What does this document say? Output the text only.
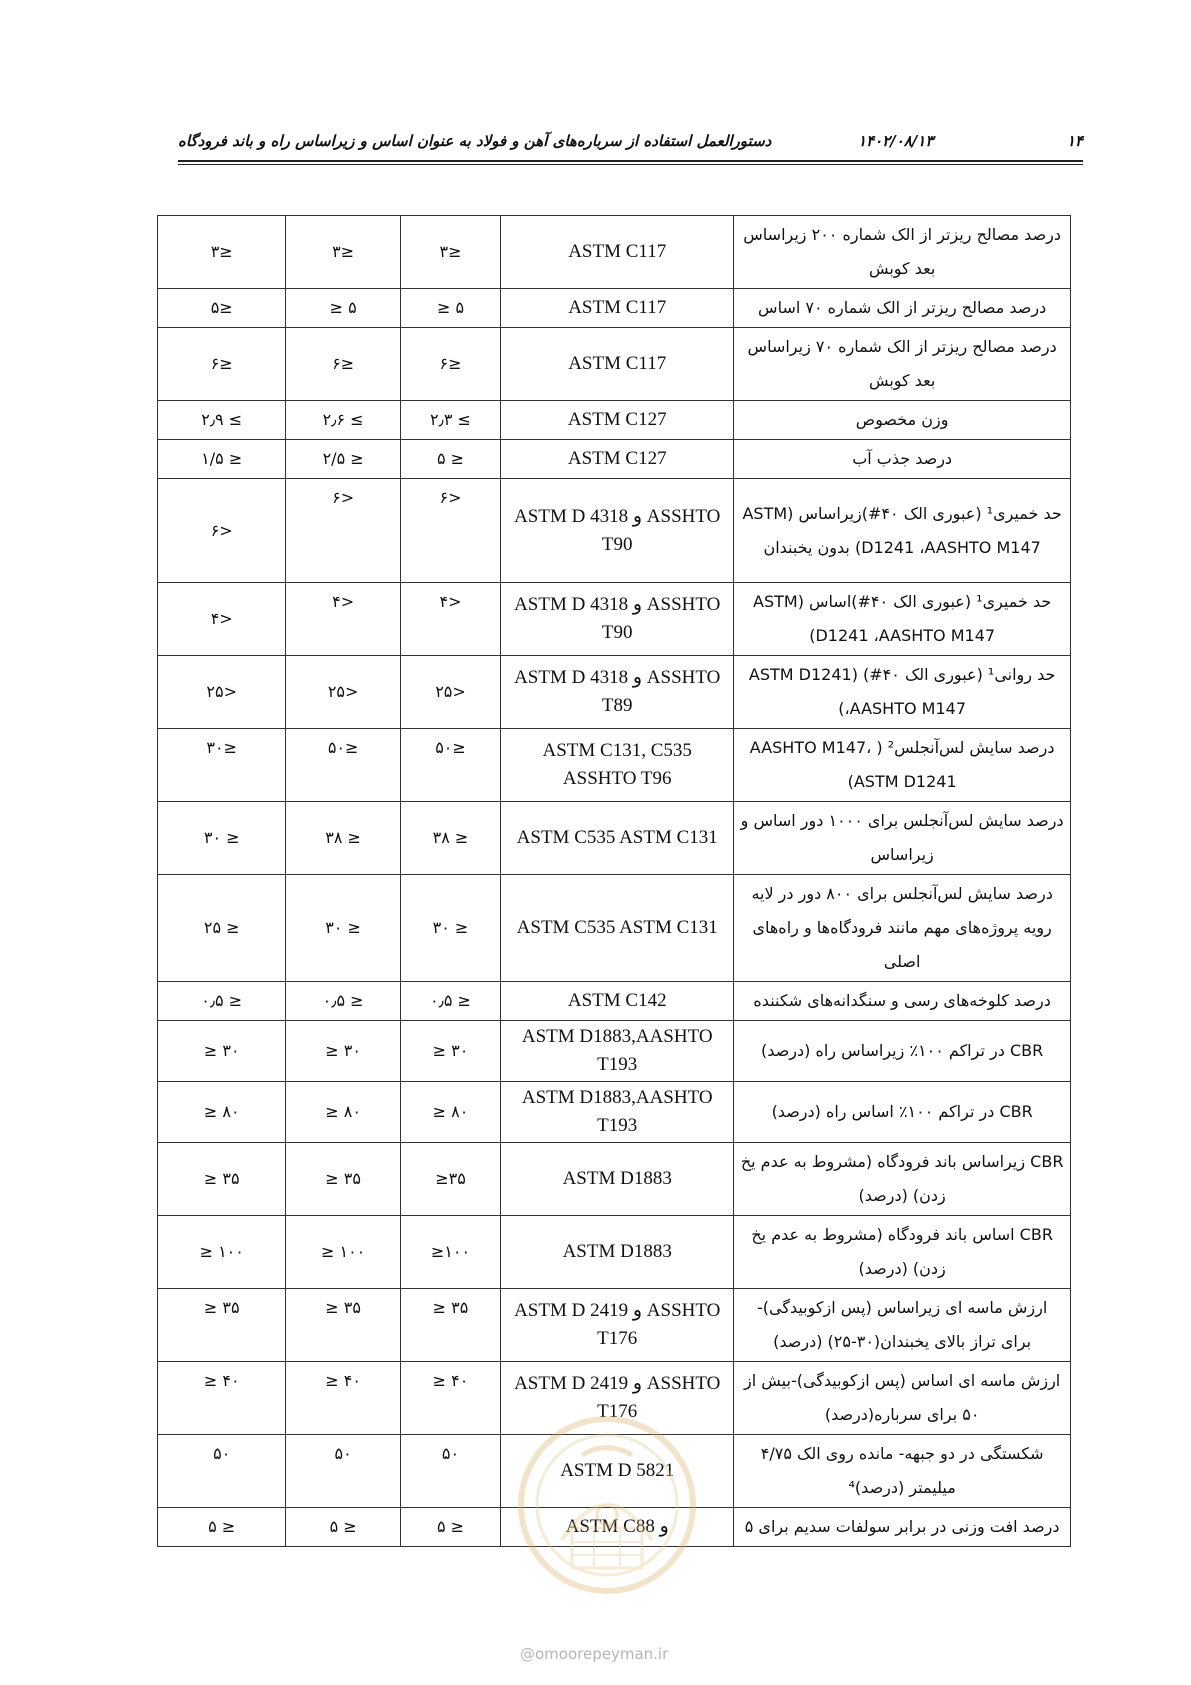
۱۴
۱۴۰۲/۰۸/۱۳
دستورالعمل استفاده از سرباره‌های آهن و فولاد به عنوان اساس و زیراساس راه و باند فرودگاه
≤۳	≤۳	≤۳	ASTM C117	درصد مصالح ریزتر از الک شماره ۲۰۰ زیراساس بعد کوبش
≤۵	۵ ≤	۵ ≤	ASTM C117	درصد مصالح ریزتر از الک شماره ۷۰ اساس
≤۶	≤۶	≤۶	ASTM C117	درصد مصالح ریزتر از الک شماره ۷۰ زیراساس بعد کوبش
≥ ۲٫۹	≥ ۲٫۶	≥ ۲٫۳	ASTM C127	وزن مخصوص
≤ ۱/۵	≤ ۲/۵	≤ ۵	ASTM C127	درصد جذب آب
<۶	<۶	<۶	ASTM D 4318 و ASSHTO T90	حد خمیری¹ (عبوری الک ۴۰#)زیراساس (ASTM D1241 ،AASHTO M147) بدون یخبندان
<۴	<۴	<۴	ASTM D 4318 و ASSHTO T90	حد خمیری¹ (عبوری الک ۴۰#)اساس (ASTM D1241 ،AASHTO M147)
<۲۵	<۲۵	<۲۵	ASTM D 4318 و ASSHTO T89	حد روانی¹ (عبوری الک ۴۰#) (ASTM D1241 ،AASHTO M147)
≤۳۰	≤۵۰	≤۵۰	ASTM C131, C535 ASSHTO T96	درصد سایش لس‌آنجلس² ( AASHTO M147، ASTM D1241)
≤ ۳۰	≤ ۳۸	≤ ۳۸	ASTM C535 ASTM C131	درصد سایش لس‌آنجلس برای ۱۰۰۰ دور اساس و زیراساس
≤ ۲۵	≤ ۳۰	≤ ۳۰	ASTM C535 ASTM C131	درصد سایش لس‌آنجلس برای ۸۰۰ دور در لایه رویه پروژه‌های مهم مانند فرودگاه‌ها و راه‌های اصلی
≤ ۰٫۵	≤ ۰٫۵	≤ ۰٫۵	ASTM C142	درصد کلوخه‌های رسی و سنگدانه‌های شکننده
۳۰ ≤	۳۰ ≤	۳۰ ≤	ASTM D1883,AASHTO T193	CBR در تراکم ۱۰۰٪ زیراساس راه (درصد)
۸۰ ≤	۸۰ ≤	۸۰ ≤	ASTM D1883,AASHTO T193	CBR در تراکم ۱۰۰٪ اساس راه (درصد)
۳۵ ≤	۳۵ ≤	۳۵≤	ASTM D1883	CBR زیراساس باند فرودگاه (مشروط به عدم یخ زدن) (درصد)
۱۰۰ ≤	۱۰۰ ≤	۱۰۰≤	ASTM D1883	CBR اساس باند فرودگاه (مشروط به عدم یخ زدن) (درصد)
۳۵ ≤	۳۵ ≤	۳۵ ≤	ASTM D 2419 و ASSHTO T176	ارزش ماسه ای زیراساس (پس ازکوبیدگی)- برای تراز بالای یخبندان(۳۰-۲۵) (درصد)
۴۰ ≤	۴۰ ≤	۴۰ ≤	ASTM D 2419 و ASSHTO T176	ارزش ماسه ای اساس (پس ازکوبیدگی)-بیش از ۵۰ برای سرباره(درصد)
۵۰	۵۰	۵۰	ASTM D 5821	شکستگی در دو جبهه- مانده روی الک ۴/۷۵ میلیمتر (درصد)⁴
≤ ۵	≤ ۵	≤ ۵	ASTM C88 و	درصد افت وزنی در برابر سولفات سدیم برای ۵
@omoorepeyman.ir
